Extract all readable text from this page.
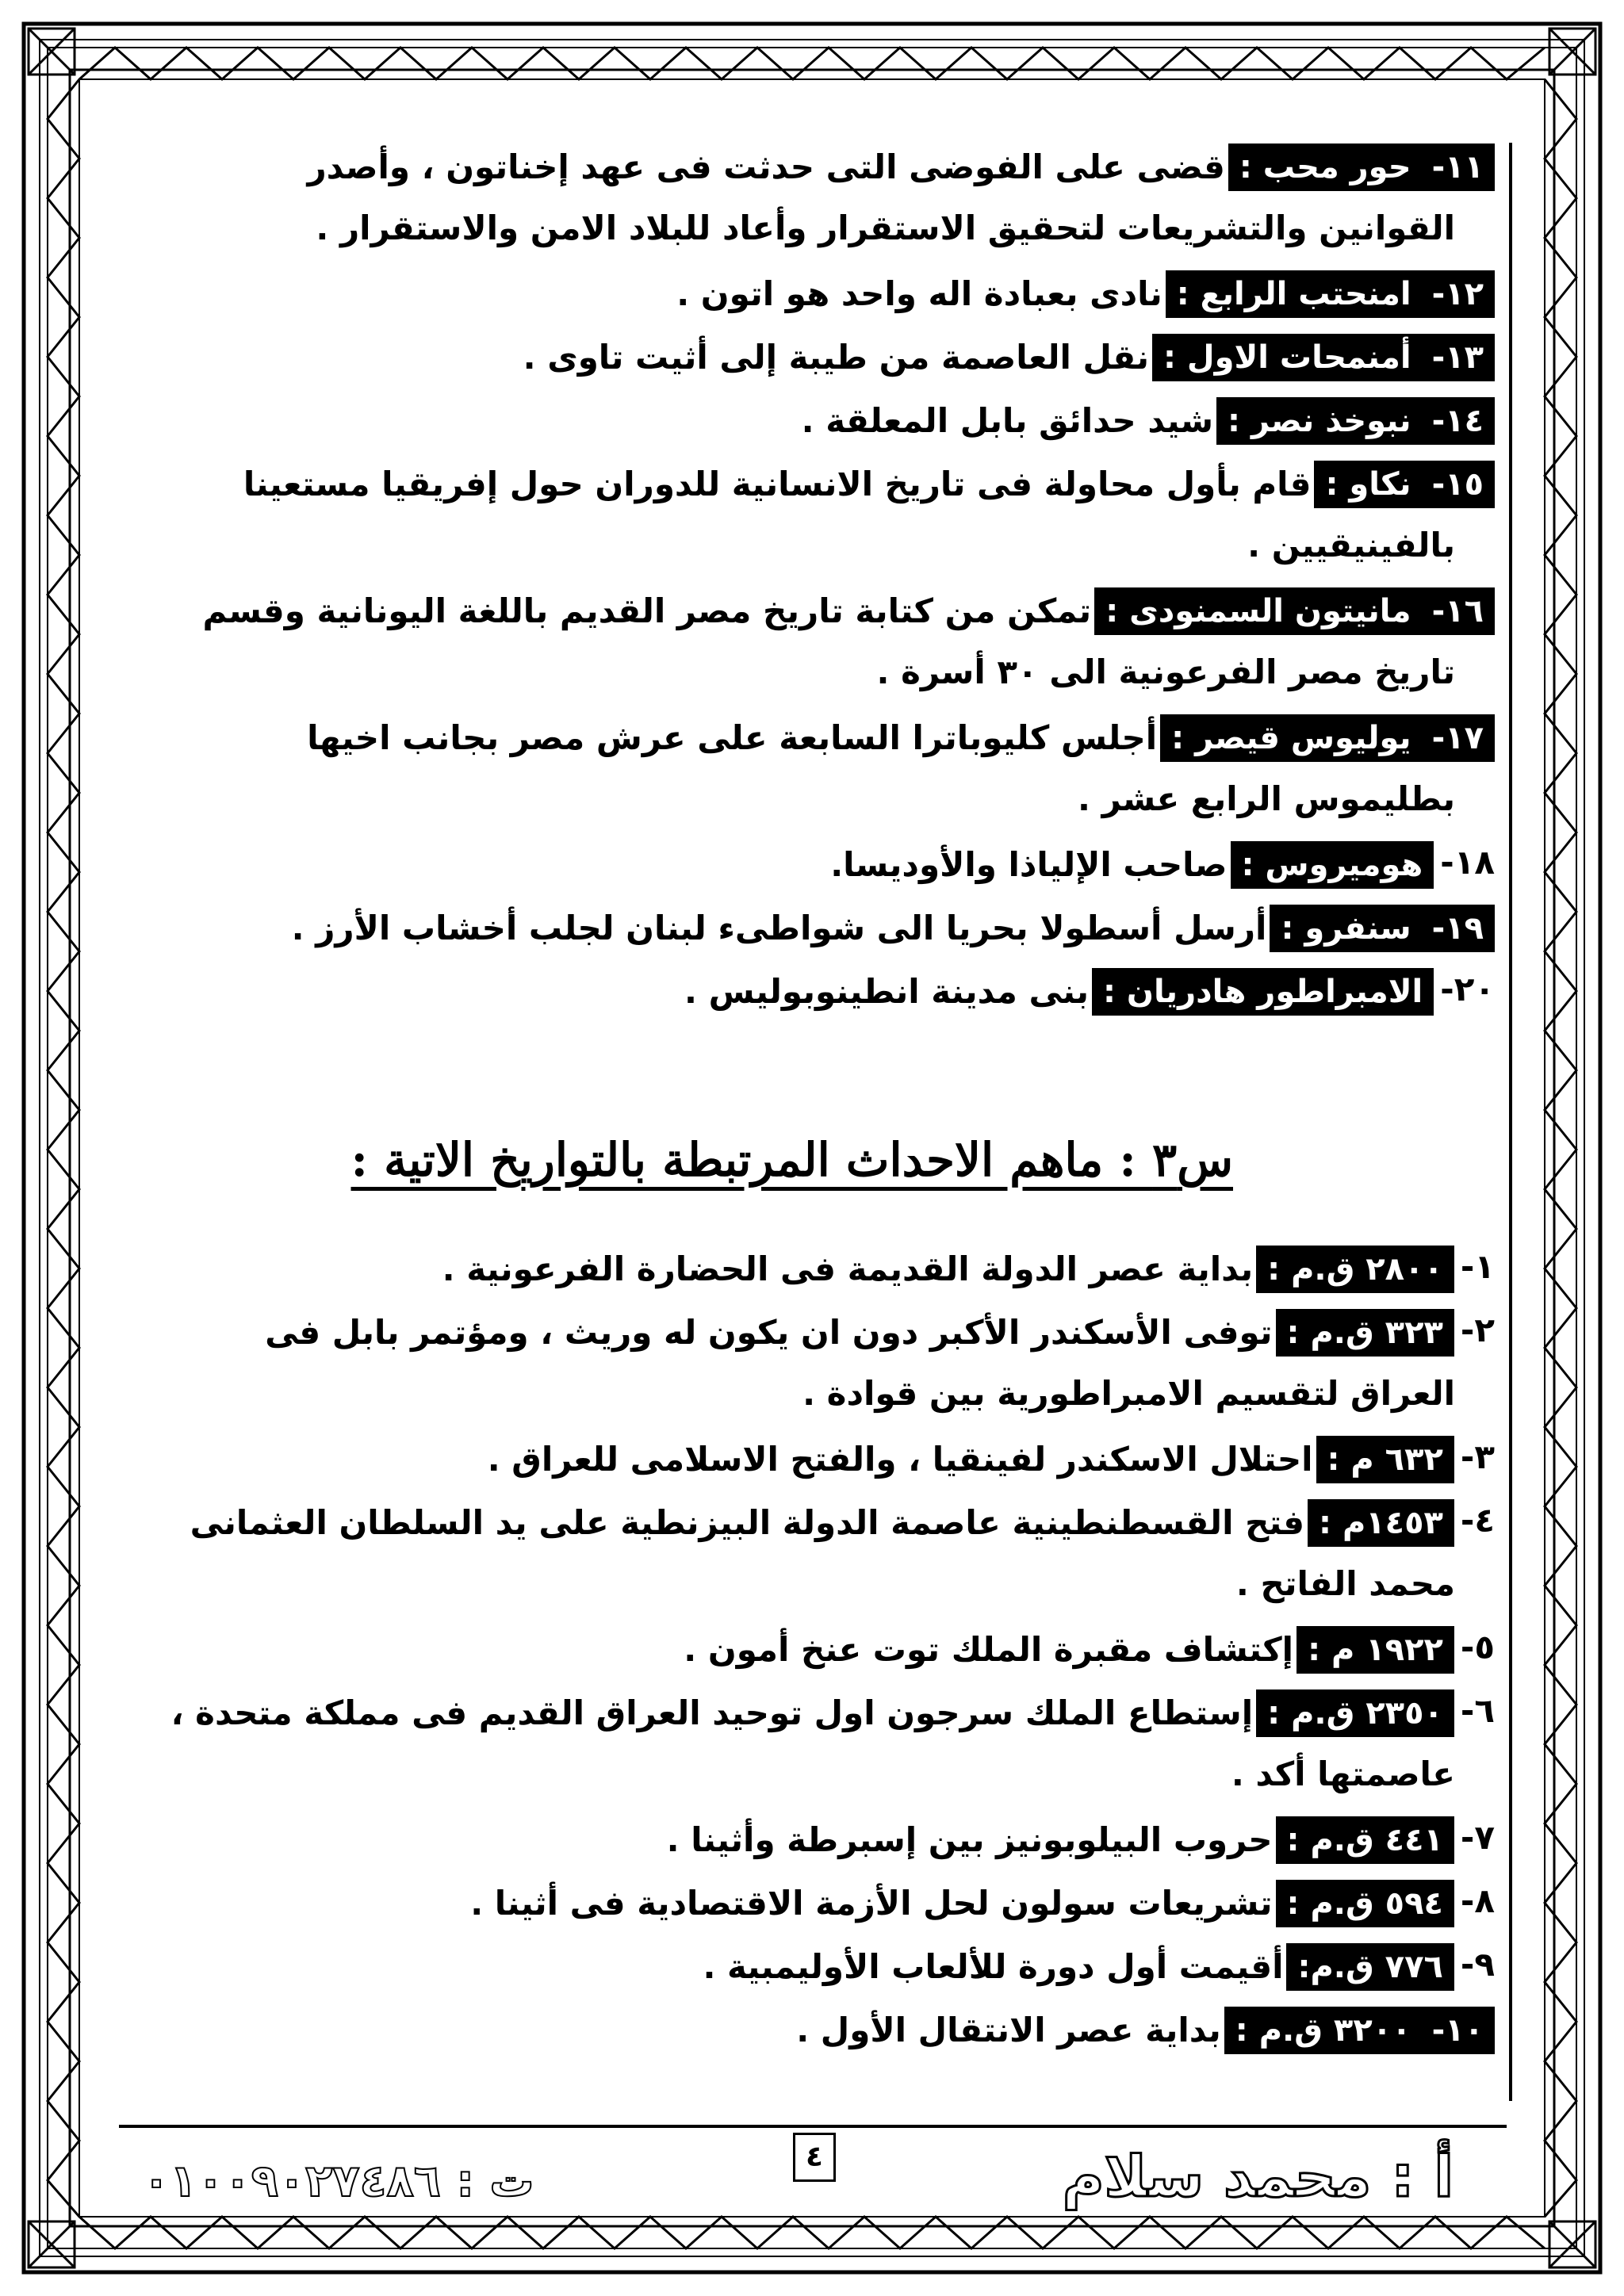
١١-حور محب :قضى على الفوضى التى حدثت فى عهد إخناتون ، وأصدر
القوانين والتشريعات لتحقيق الاستقرار وأعاد للبلاد الامن والاستقرار .
١٢-امنحتب الرابع :نادى بعبادة اله واحد هو اتون .
١٣-أمنمحات الاول :نقل العاصمة من طيبة إلى أثيت تاوى .
١٤-نبوخذ نصر :شيد حدائق بابل المعلقة .
١٥-نكاو :قام بأول محاولة فى تاريخ الانسانية للدوران حول إفريقيا مستعينا
بالفينيقيين .
١٦-مانيتون السمنودى :تمكن من كتابة تاريخ مصر القديم باللغة اليونانية وقسم
تاريخ مصر الفرعونية الى ٣٠ أسرة .
١٧-يوليوس قيصر :أجلس كليوباترا السابعة على عرش مصر بجانب اخيها
بطليموس الرابع عشر .
١٨-هوميروس :صاحب الإلياذا والأوديسا.
١٩-سنفرو :أرسل أسطولا بحريا الى شواطىء لبنان لجلب أخشاب الأرز .
٢٠-الامبراطور هادريان :بنى مدينة انطينوبوليس .
س٣ : ماهم الاحداث المرتبطة بالتواريخ الاتية :
١-٢٨٠٠ ق.م :بداية عصر الدولة القديمة فى الحضارة الفرعونية .
٢-٣٢٣ ق.م :توفى الأسكندر الأكبر دون ان يكون له وريث ، ومؤتمر بابل فى
العراق لتقسيم الامبراطورية بين قوادة .
٣-٦٣٢ م :احتلال الاسكندر لفينقيا ، والفتح الاسلامى للعراق .
٤-١٤٥٣م :فتح القسطنطينية عاصمة الدولة البيزنطية على يد السلطان العثمانى
محمد الفاتح .
٥-١٩٢٢ م :إكتشاف مقبرة الملك توت عنخ أمون .
٦-٢٣٥٠ ق.م :إستطاع الملك سرجون اول توحيد العراق القديم فى مملكة متحدة ،
عاصمتها أكد .
٧-٤٤١ ق.م :حروب البيلوبونيز بين إسبرطة وأثينا .
٨-٥٩٤ ق.م :تشريعات سولون لحل الأزمة الاقتصادية فى أثينا .
٩-٧٧٦ ق.م:أقيمت أول دورة للألعاب الأوليمبية .
١٠-٣٢٠٠ ق.م :بداية عصر الانتقال الأول .
أ : محمد سلام
٤
ت : ٠١٠٠٩٠٢٧٤٨٦
